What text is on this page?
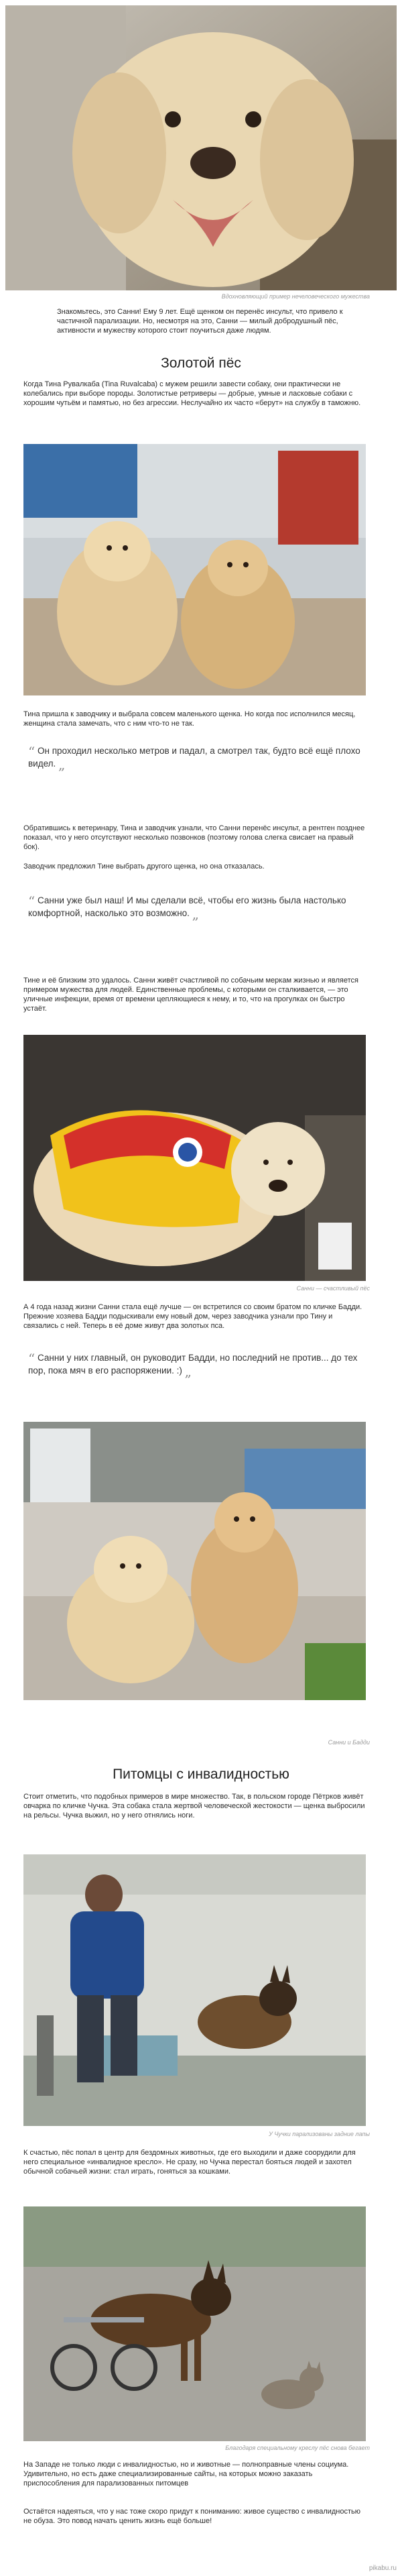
Вдохновляющий пример нечеловеческого мужества

Знакомьтесь, это Санни! Ему 9 лет. Ещё щенком он перенёс инсульт, что привело к частичной парализации. Но, несмотря на это, Санни — милый добродушный пёс, активности и мужеству которого стоит поучиться даже людям.

Золотой пёс

Когда Тина Рувалкаба (Tina Ruvalcaba) с мужем решили завести собаку, они практически не колебались при выборе породы. Золотистые ретриверы — добрые, умные и ласковые собаки с хорошим чутьём и памятью, но без агрессии. Неслучайно их часто «берут» на службу в таможню.

Тина пришла к заводчику и выбрала совсем маленького щенка. Но когда пос исполнился месяц, женщина стала замечать, что с ним что-то не так.

“ Он проходил несколько метров и падал, а смотрел так, будто всё ещё плохо видел. „

Обратившись к ветеринару, Тина и заводчик узнали, что Санни перенёс инсульт, а рентген позднее показал, что у него отсутствуют несколько позвонков (поэтому голова слегка свисает на правый бок).

Заводчик предложил Тине выбрать другого щенка, но она отказалась.

“ Санни уже был наш! И мы сделали всё, чтобы его жизнь была настолько комфортной, насколько это возможно. „

Тине и её близким это удалось. Санни живёт счастливой по собачьим меркам жизнью и является примером мужества для людей. Единственные проблемы, с которыми он сталкивается, — это уличные инфекции, время от времени цепляющиеся к нему, и то, что на прогулках он быстро устаёт.

Санни — счастливый пёс

А 4 года назад жизни Санни стала ещё лучше — он встретился со своим братом по кличке Бадди. Прежние хозяева Бадди подыскивали ему новый дом, через заводчика узнали про Тину и связались с ней. Теперь в её доме живут два золотых пса.

“ Санни у них главный, он руководит Бадди, но последний не против... до тех пор, пока мяч в его распоряжении. :) „

Санни и Бадди
Питомцы с инвалидностью

Стоит отметить, что подобных примеров в мире множество. Так, в польском городе Пётрков живёт овчарка по кличке Чучка. Эта собака стала жертвой человеческой жестокости — щенка выбросили на рельсы. Чучка выжил, но у него отнялись ноги.

У Чучки парализованы задние лапы

К счастью, пёс попал в центр для бездомных животных, где его выходили и даже соорудили для него специальное «инвалидное кресло». Не сразу, но Чучка перестал бояться людей и захотел обычной собачьей жизни: стал играть, гоняться за кошками.

Благодаря специальному креслу пёс снова бегает

На Западе не только люди с инвалидностью, но и животные — полноправные члены социума. Удивительно, но есть даже специализированные сайты, на которых можно заказать приспособления для парализованных питомцев

Остаётся надеяться, что у нас тоже скоро придут к пониманию: живое существо с инвалидностью не обуза. Это повод начать ценить жизнь ещё больше!

pikabu.ru
